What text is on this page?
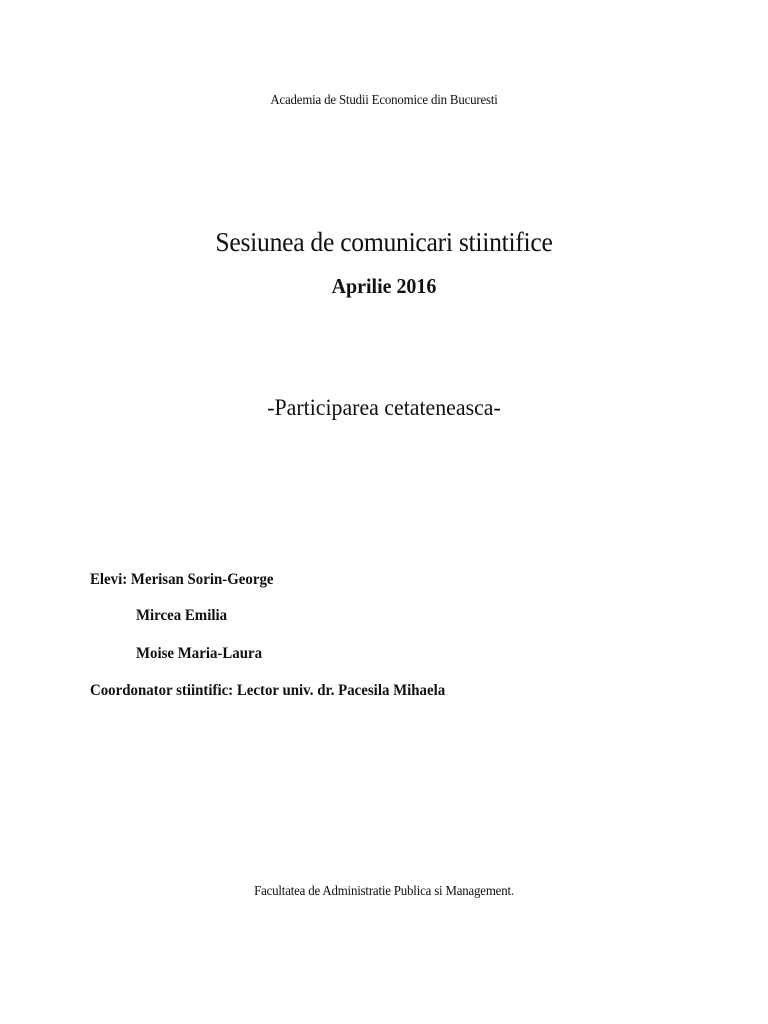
Academia de Studii Economice din Bucuresti
Sesiunea de comunicari stiintifice
Aprilie 2016
-Participarea cetateneasca-
Elevi: Merisan Sorin-George
Mircea Emilia
Moise Maria-Laura
Coordonator stiintific: Lector univ. dr. Pacesila Mihaela
Facultatea de Administratie Publica si Management.
